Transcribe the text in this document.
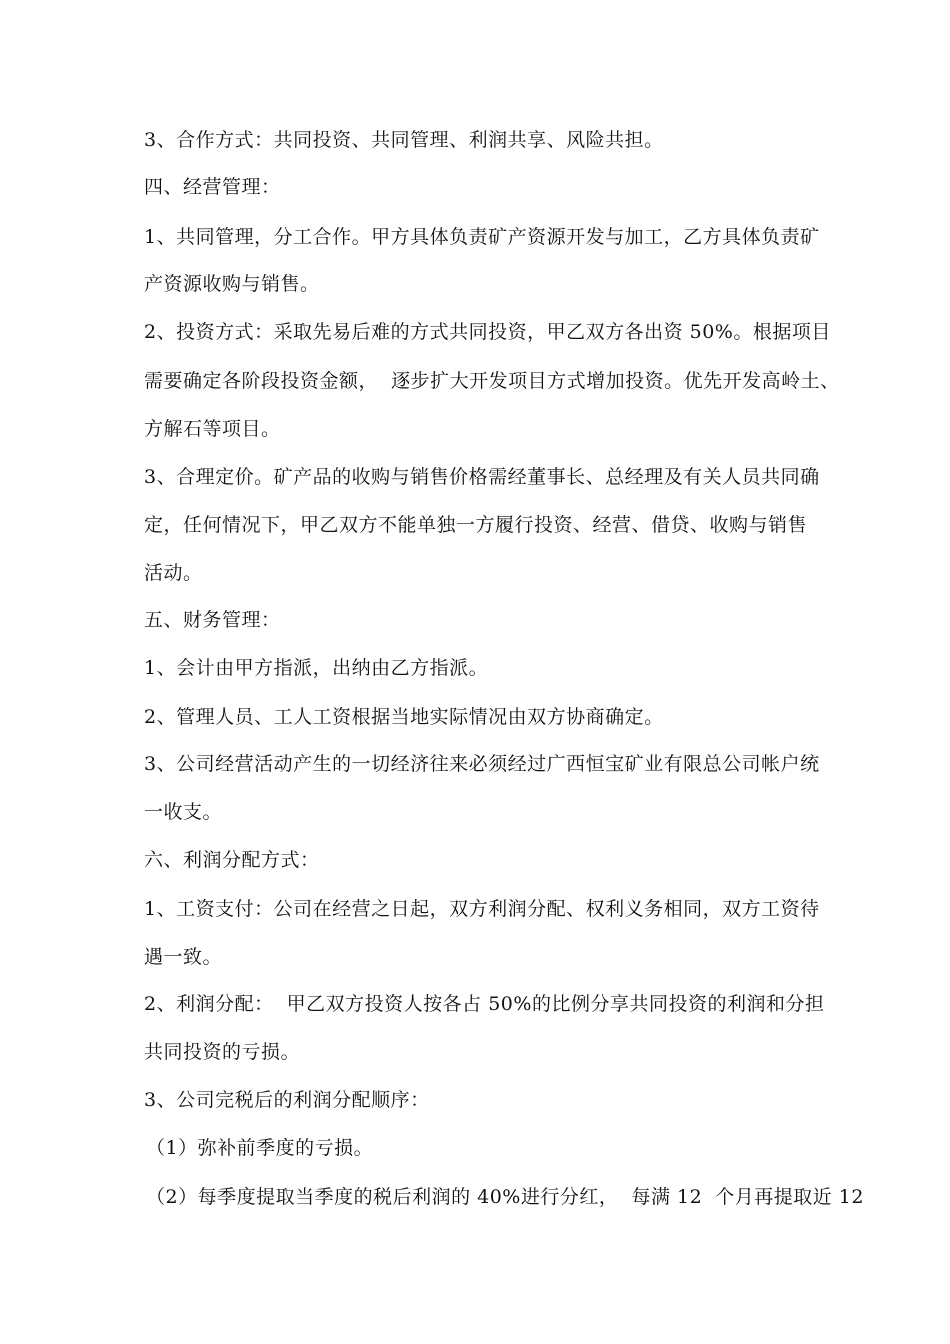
3、合作方式：共同投资、共同管理、利润共享、风险共担。
四、经营管理：
1、共同管理，分工合作。甲方具体负责矿产资源开发与加工，乙方具体负责矿
产资源收购与销售。
2、投资方式：采取先易后难的方式共同投资，甲乙双方各出资 50%。根据项目
需要确定各阶段投资金额，  逐步扩大开发项目方式增加投资。优先开发高岭土、
方解石等项目。
3、合理定价。矿产品的收购与销售价格需经董事长、总经理及有关人员共同确
定，任何情况下，甲乙双方不能单独一方履行投资、经营、借贷、收购与销售
活动。
五、财务管理：
1、会计由甲方指派，出纳由乙方指派。
2、管理人员、工人工资根据当地实际情况由双方协商确定。
3、公司经营活动产生的一切经济往来必须经过广西恒宝矿业有限总公司帐户统
一收支。
六、利润分配方式：
1、工资支付：公司在经营之日起，双方利润分配、权利义务相同，双方工资待
遇一致。
2、利润分配：  甲乙双方投资人按各占 50%的比例分享共同投资的利润和分担
共同投资的亏损。
3、公司完税后的利润分配顺序：
（1）弥补前季度的亏损。
（2）每季度提取当季度的税后利润的 40%进行分红，  每满 12  个月再提取近 12
